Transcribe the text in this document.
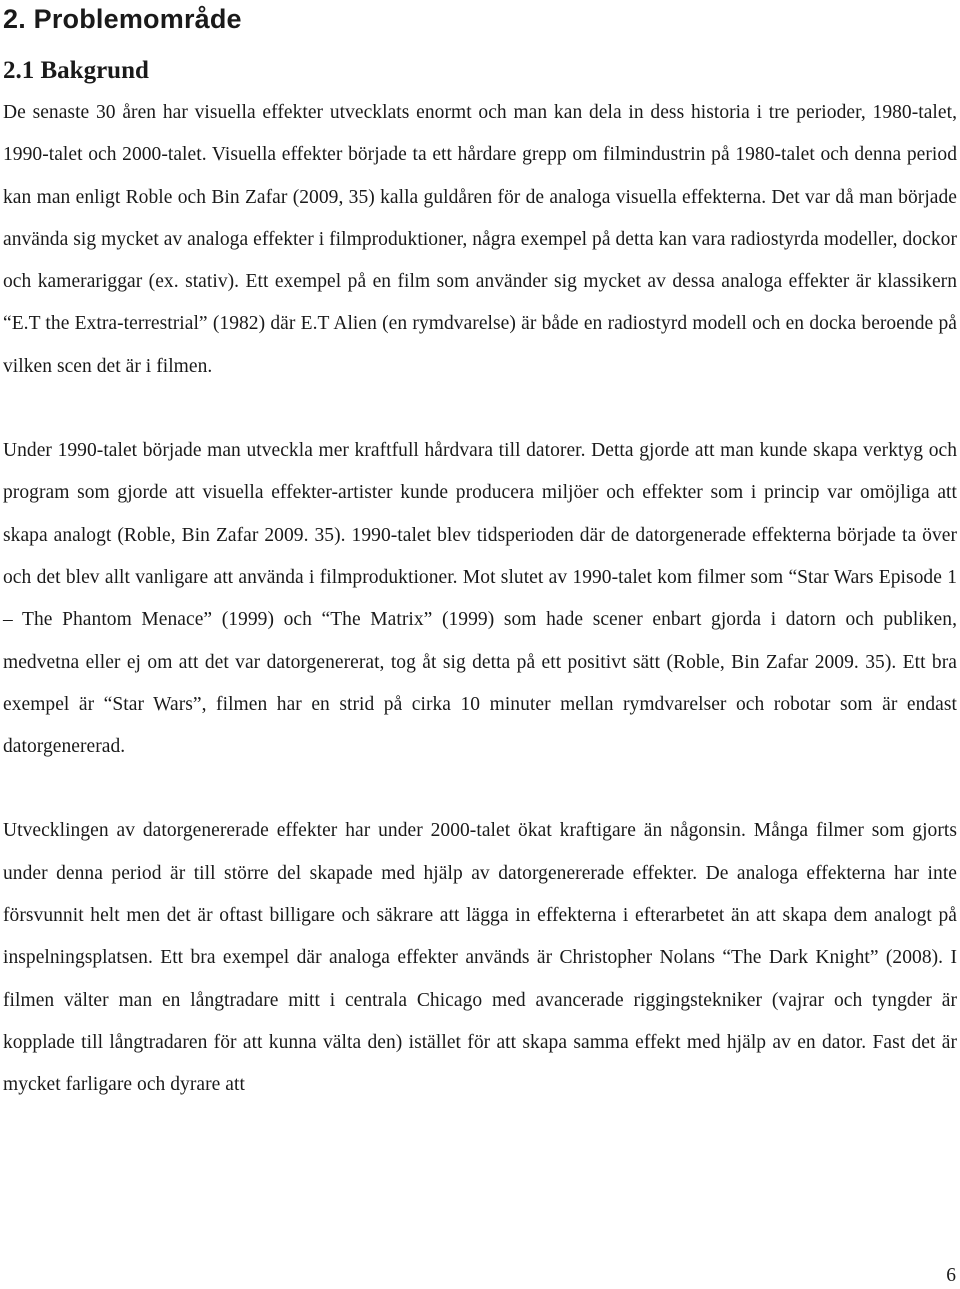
2. Problemområde
2.1 Bakgrund

De senaste 30 åren har visuella effekter utvecklats enormt och man kan dela in dess historia i tre perioder, 1980-talet, 1990-talet och 2000-talet. Visuella effekter började ta ett hårdare grepp om filmindustrin på 1980-talet och denna period kan man enligt Roble och Bin Zafar (2009, 35) kalla guldåren för de analoga visuella effekterna. Det var då man började använda sig mycket av analoga effekter i filmproduktioner, några exempel på detta kan vara radiostyrda modeller, dockor och kamerariggar (ex. stativ). Ett exempel på en film som använder sig mycket av dessa analoga effekter är klassikern “E.T the Extra-terrestrial” (1982) där E.T Alien (en rymdvarelse) är både en radiostyrd modell och en docka beroende på vilken scen det är i filmen.

Under 1990-talet började man utveckla mer kraftfull hårdvara till datorer. Detta gjorde att man kunde skapa verktyg och program som gjorde att visuella effekter-artister kunde producera miljöer och effekter som i princip var omöjliga att skapa analogt (Roble, Bin Zafar 2009. 35). 1990-talet blev tidsperioden där de datorgenerade effekterna började ta över och det blev allt vanligare att använda i filmproduktioner. Mot slutet av 1990-talet kom filmer som “Star Wars Episode 1 – The Phantom Menace” (1999) och “The Matrix” (1999) som hade scener enbart gjorda i datorn och publiken, medvetna eller ej om att det var datorgenererat, tog åt sig detta på ett positivt sätt (Roble, Bin Zafar 2009. 35). Ett bra exempel är “Star Wars”, filmen har en strid på cirka 10 minuter mellan rymdvarelser och robotar som är endast datorgenererad.

Utvecklingen av datorgenererade effekter har under 2000-talet ökat kraftigare än någonsin. Många filmer som gjorts under denna period är till större del skapade med hjälp av datorgenererade effekter. De analoga effekterna har inte försvunnit helt men det är oftast billigare och säkrare att lägga in effekterna i efterarbetet än att skapa dem analogt på inspelningsplatsen. Ett bra exempel där analoga effekter används är Christopher Nolans “The Dark Knight” (2008). I filmen välter man en långtradare mitt i centrala Chicago med avancerade riggingstekniker (vajrar och tyngder är kopplade till långtradaren för att kunna välta den) istället för att skapa samma effekt med hjälp av en dator. Fast det är mycket farligare och dyrare att

6
